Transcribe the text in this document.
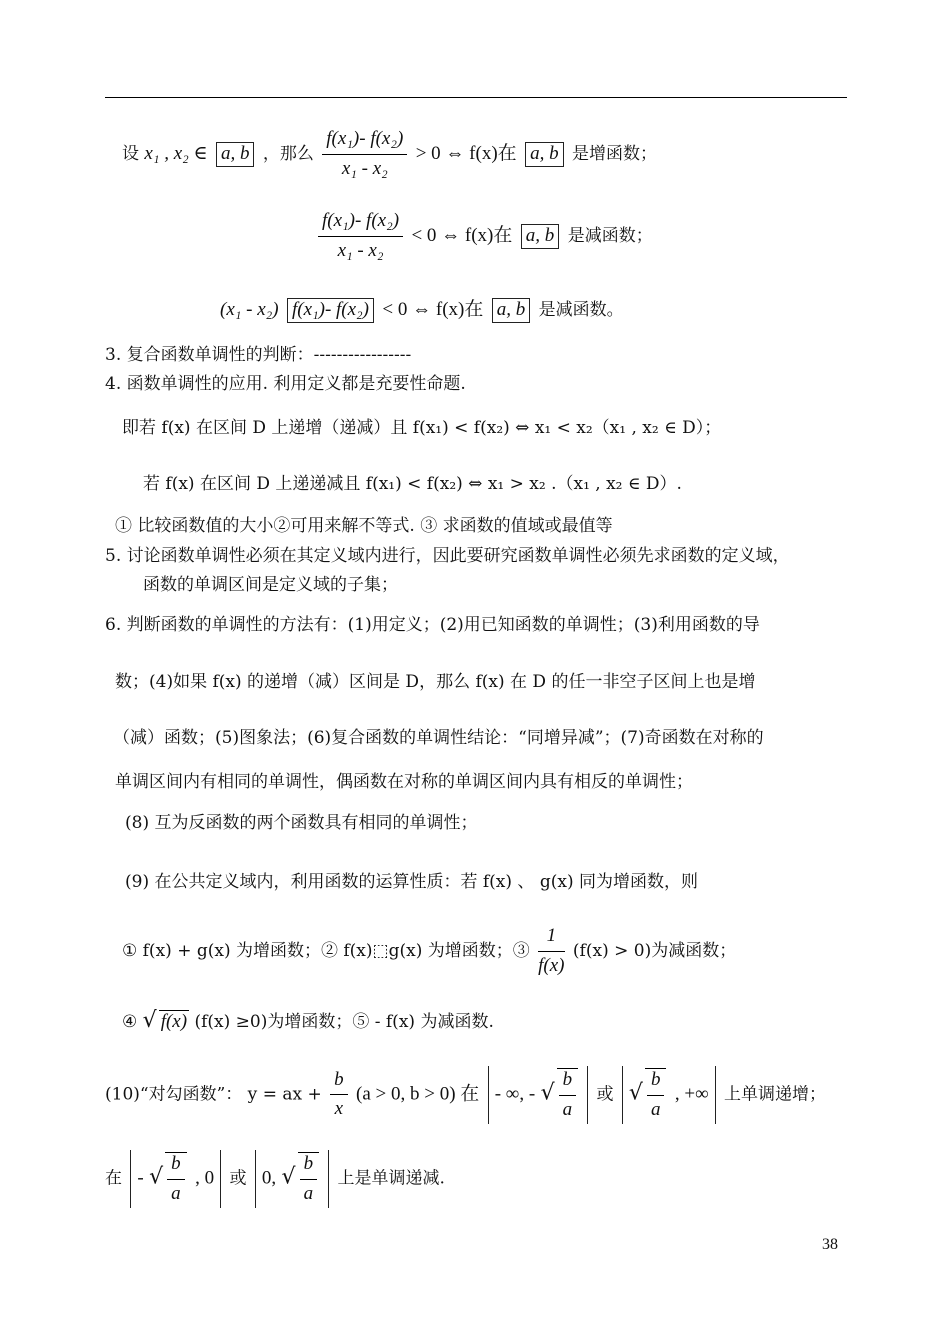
设 x₁ , x₂ ∈ a, b ，那么 $\frac{\text{f(x₁)- f(x₂)}}{\text{x₁ - x₂}} > 0$ ⇔ f(x)在 a, b 是增函数；
$\frac{\text{f(x₁)- f(x₂)}}{\text{x₁ - x₂}} < 0$ ⇔ f(x)在 a, b 是减函数；
(x₁ - x₂) f(x₁)- f(x₂) < 0 ⇔ f(x)在 a, b 是减函数。
3. 复合函数单调性的判断：-----------------
4. 函数单调性的应用. 利用定义都是充要性命题.
即若 f(x) 在区间 D 上递增（递减）且 f(x₁) < f(x₂) ⇔ x₁ < x₂（x₁ , x₂ ∈ D）；
若 f(x) 在区间 D 上递递减且 f(x₁) < f(x₂) ⇔ x₁ > x₂ .（x₁ , x₂ ∈ D）.
① 比较函数值的大小②可用来解不等式. ③ 求函数的值域或最值等
5. 讨论函数单调性必须在其定义域内进行，因此要研究函数单调性必须先求函数的定义域，
函数的单调区间是定义域的子集；
6. 判断函数的单调性的方法有：(1)用定义；(2)用已知函数的单调性；(3)利用函数的导
数；(4)如果 f(x) 的递增（减）区间是 D，那么 f(x) 在 D 的任一非空子区间上也是增
（减）函数；(5)图象法；(6)复合函数的单调性结论：“同增异减”；(7)奇函数在对称的
单调区间内有相同的单调性，偶函数在对称的单调区间内具有相反的单调性；
(8) 互为反函数的两个函数具有相同的单调性；
(9) 在公共定义域内，利用函数的运算性质：若 f(x) 、 g(x) 同为增函数，则
① f(x) + g(x) 为增函数；② f(x)⬚g(x) 为增函数；③ $\frac{1}{f(x)} (f(x) > 0)$为减函数；
④ √ f(x) (f(x) ≥0)为增函数；⑤ - f(x) 为减函数.
(10)“对勾函数”： y = ax + $\frac{b}{x} (a > 0$, b > 0) 在 - ∞, - √ $\frac{b}{a}$ 或 √ $\frac{b}{a}$ , +∞ 上单调递增；
在 - √ $\frac{b}{a}$ , 0 或 0, √ $\frac{b}{a}$ 上是单调递减.
38
